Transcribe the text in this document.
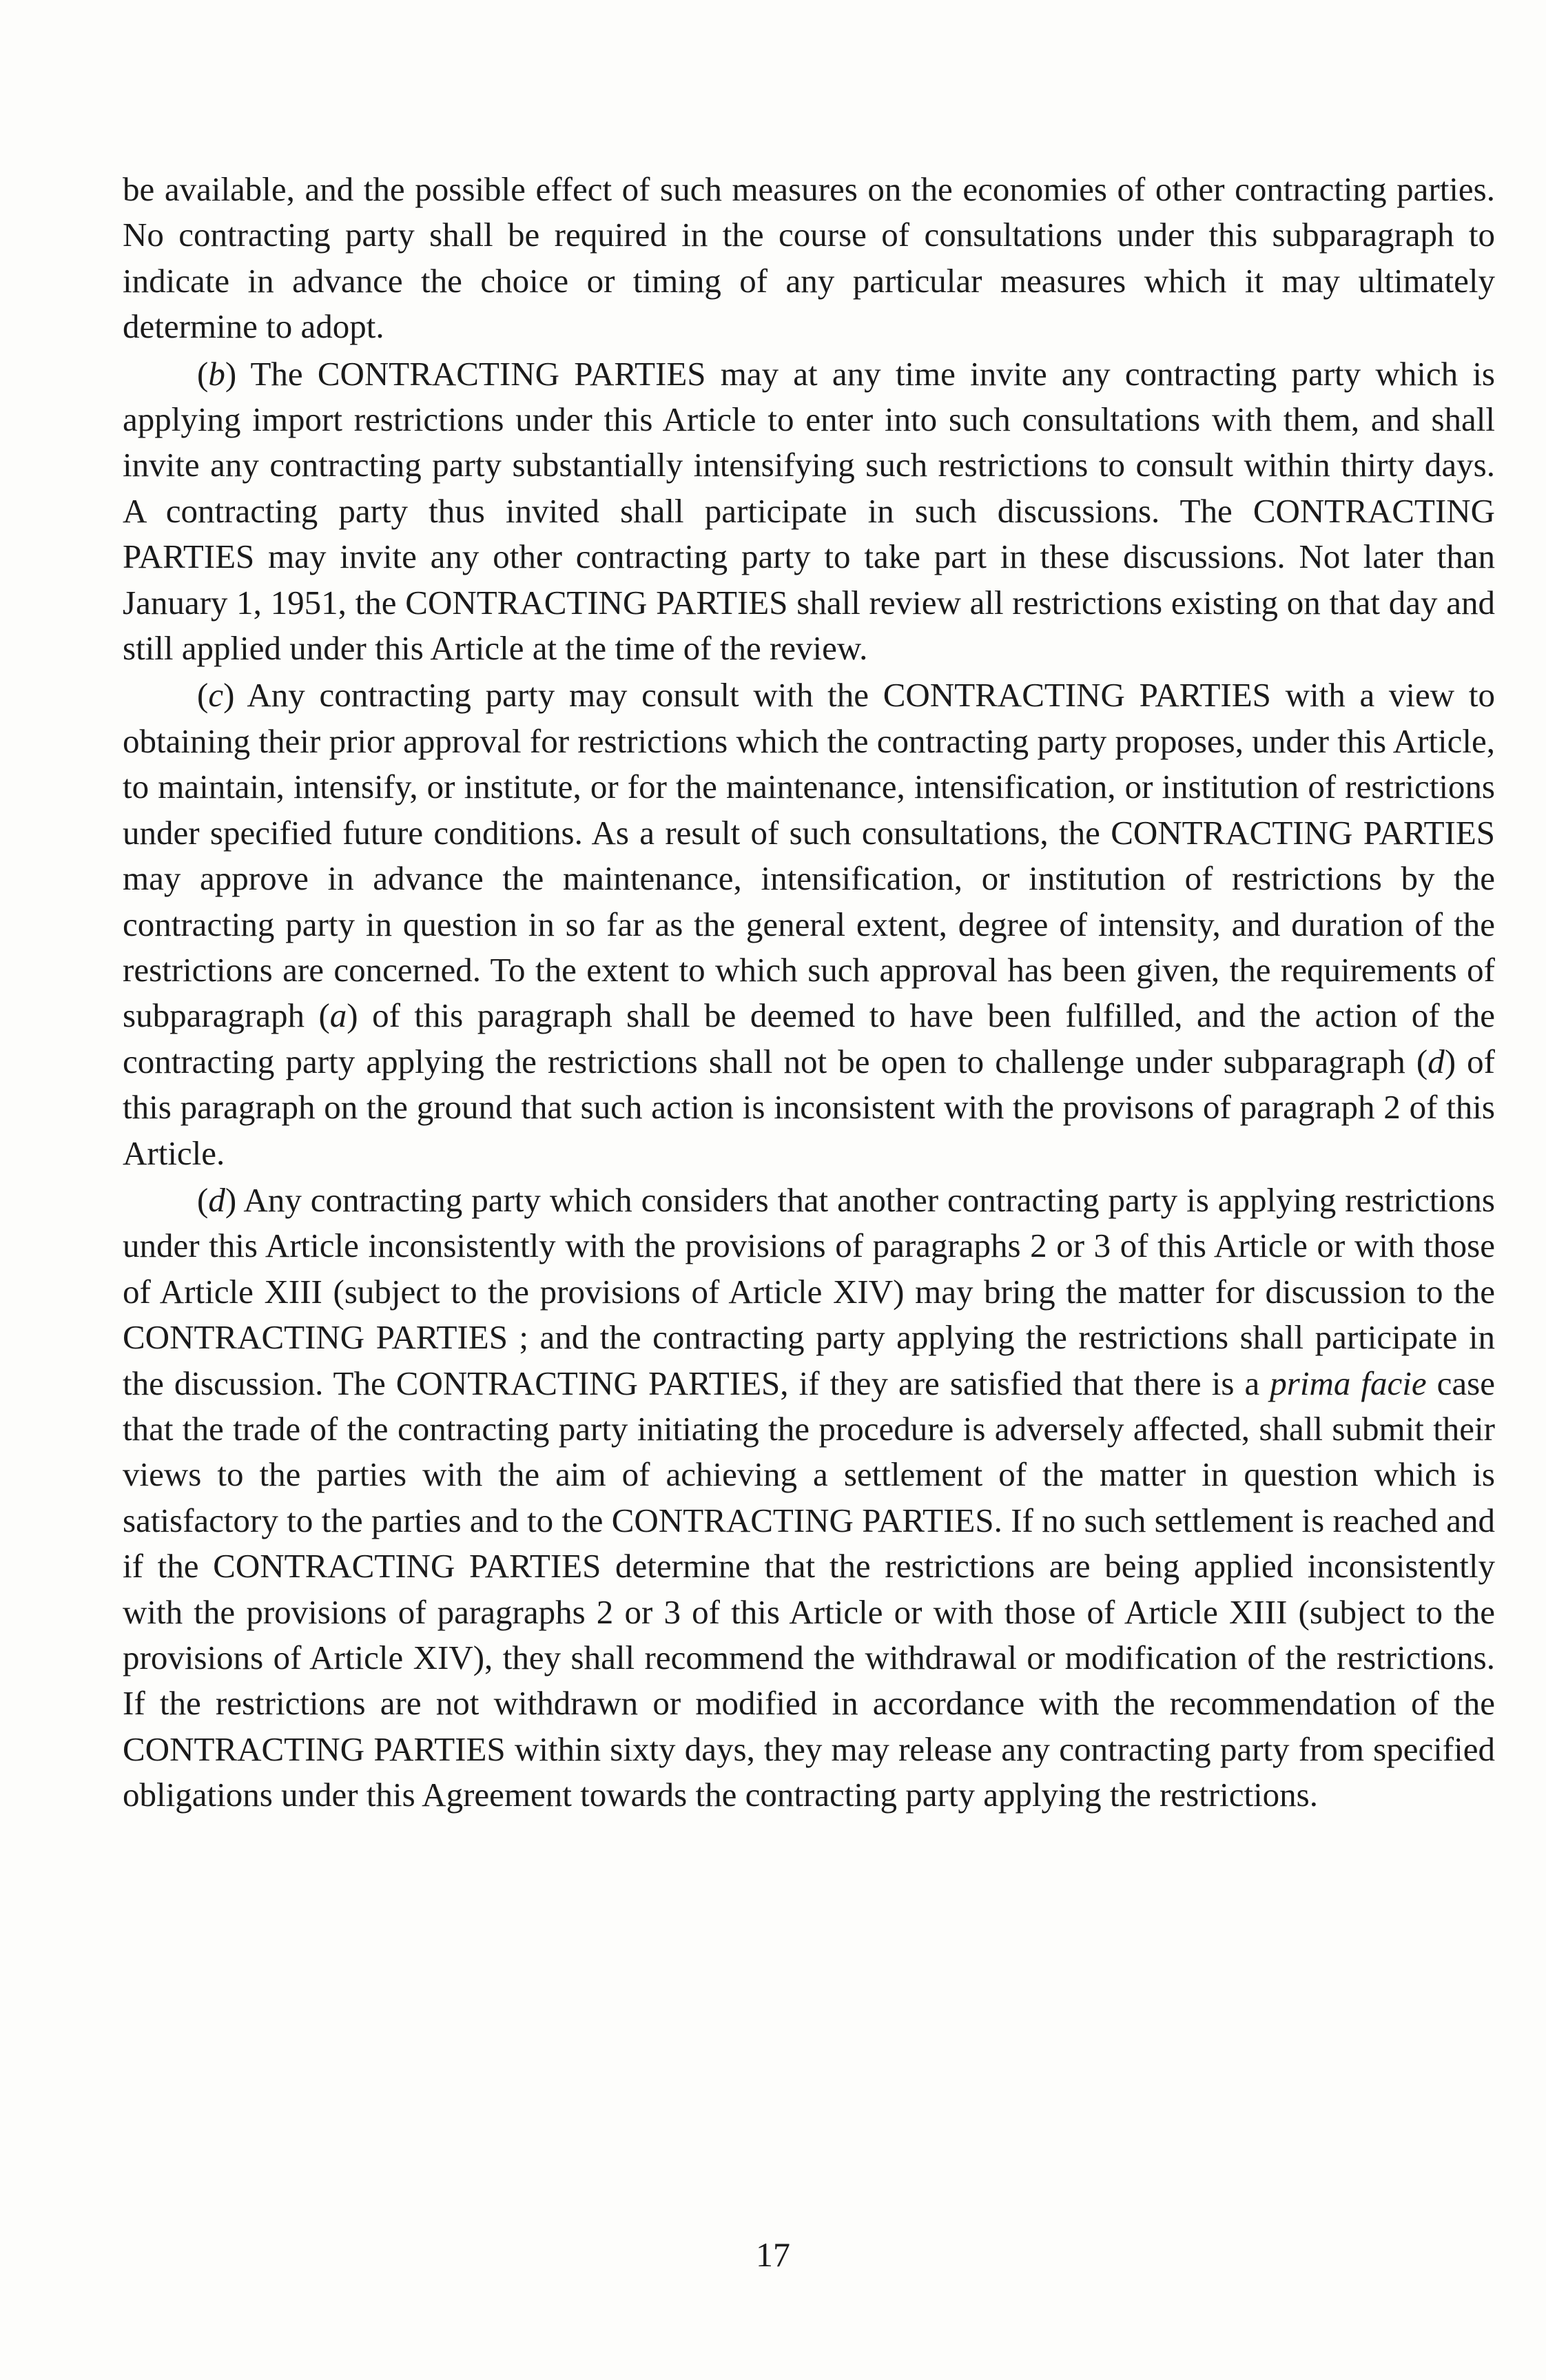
be available, and the possible effect of such measures on the economies of other contracting parties. No contracting party shall be required in the course of consultations under this subparagraph to indicate in advance the choice or timing of any particular measures which it may ultimately determine to adopt.

(b) The CONTRACTING PARTIES may at any time invite any contracting party which is applying import restrictions under this Article to enter into such consultations with them, and shall invite any contracting party substantially intensifying such restrictions to consult within thirty days. A contracting party thus invited shall participate in such discussions. The CONTRACTING PARTIES may invite any other contracting party to take part in these discussions. Not later than January 1, 1951, the CONTRACTING PARTIES shall review all restrictions existing on that day and still applied under this Article at the time of the review.

(c) Any contracting party may consult with the CONTRACTING PARTIES with a view to obtaining their prior approval for restrictions which the contracting party proposes, under this Article, to maintain, intensify, or institute, or for the maintenance, intensification, or institution of restrictions under specified future conditions. As a result of such consultations, the CONTRACTING PARTIES may approve in advance the maintenance, intensification, or institution of restrictions by the contracting party in question in so far as the general extent, degree of intensity, and duration of the restrictions are concerned. To the extent to which such approval has been given, the requirements of subparagraph (a) of this paragraph shall be deemed to have been fulfilled, and the action of the contracting party applying the restrictions shall not be open to challenge under subparagraph (d) of this paragraph on the ground that such action is inconsistent with the provisons of paragraph 2 of this Article.

(d) Any contracting party which considers that another contracting party is applying restrictions under this Article inconsistently with the provisions of paragraphs 2 or 3 of this Article or with those of Article XIII (subject to the provisions of Article XIV) may bring the matter for discussion to the CONTRACTING PARTIES ; and the contracting party applying the restrictions shall participate in the discussion. The CONTRACTING PARTIES, if they are satisfied that there is a prima facie case that the trade of the contracting party initiating the procedure is adversely affected, shall submit their views to the parties with the aim of achieving a settlement of the matter in question which is satisfactory to the parties and to the CONTRACTING PARTIES. If no such settlement is reached and if the CONTRACTING PARTIES determine that the restrictions are being applied inconsistently with the provisions of paragraphs 2 or 3 of this Article or with those of Article XIII (subject to the provisions of Article XIV), they shall recommend the withdrawal or modification of the restrictions. If the restrictions are not withdrawn or modified in accordance with the recommendation of the CONTRACTING PARTIES within sixty days, they may release any contracting party from specified obligations under this Agreement towards the contracting party applying the restrictions.

17
